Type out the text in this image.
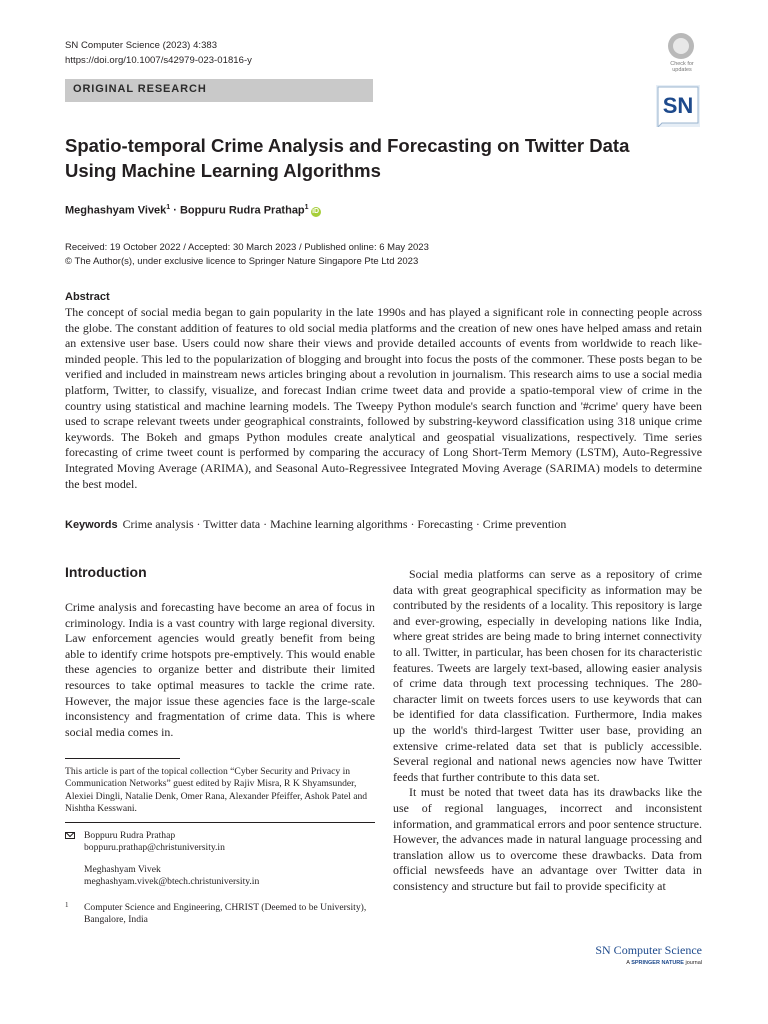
SN Computer Science (2023) 4:383
https://doi.org/10.1007/s42979-023-01816-y
ORIGINAL RESEARCH
Check for updates
SN
Spatio-temporal Crime Analysis and Forecasting on Twitter Data Using Machine Learning Algorithms
Meghashyam Vivek$^1$ · Boppuru Rudra Prathap$^1$iD
Received: 19 October 2022 / Accepted: 30 March 2023 / Published online: 6 May 2023
© The Author(s), under exclusive licence to Springer Nature Singapore Pte Ltd 2023
Abstract
The concept of social media began to gain popularity in the late 1990s and has played a significant role in connecting people across the globe. The constant addition of features to old social media platforms and the creation of new ones have helped amass and retain an extensive user base. Users could now share their views and provide detailed accounts of events from worldwide to reach like-minded people. This led to the popularization of blogging and brought into focus the posts of the commoner. These posts began to be verified and included in mainstream news articles bringing about a revolution in journalism. This research aims to use a social media platform, Twitter, to classify, visualize, and forecast Indian crime tweet data and provide a spatio-temporal view of crime in the country using statistical and machine learning models. The Tweepy Python module's search function and '#crime' query have been used to scrape relevant tweets under geographical constraints, followed by substring-keyword classification using 318 unique crime keywords. The Bokeh and gmaps Python modules create analytical and geospatial visualizations, respectively. Time series forecasting of crime tweet count is performed by comparing the accuracy of Long Short-Term Memory (LSTM), Auto-Regressive Integrated Moving Average (ARIMA), and Seasonal Auto-Regressivee Integrated Moving Average (SARIMA) models to determine the best model.
Keywords Crime analysis · Twitter data · Machine learning algorithms · Forecasting · Crime prevention
Introduction

Crime analysis and forecasting have become an area of focus in criminology. India is a vast country with large regional diversity. Law enforcement agencies would greatly benefit from being able to identify crime hotspots pre-emptively. This would enable these agencies to organize better and distribute their limited resources to take optimal measures to tackle the crime rate. However, the major issue these agencies face is the large-scale inconsistency and fragmentation of crime data. This is where social media comes in.

Social media platforms can serve as a repository of crime data with great geographical specificity as information may be contributed by the residents of a locality. This repository is large and ever-growing, especially in developing nations like India, where great strides are being made to bring internet connectivity to all. Twitter, in particular, has been chosen for its characteristic features. Tweets are largely text-based, allowing easier analysis of crime data through text processing techniques. The 280-character limit on tweets forces users to use keywords that can be identified for data classification. Furthermore, India makes up the world's third-largest Twitter user base, providing an extensive crime-related data set that is publicly accessible. Several regional and national news agencies now have Twitter feeds that further contribute to this data set.

It must be noted that tweet data has its drawbacks like the use of regional languages, incorrect and inconsistent information, and grammatical errors and poor sentence structure. However, the advances made in natural language processing and translation allow us to overcome these drawbacks. Data from official newsfeeds have an advantage over Twitter data in consistency and structure but fail to provide specificity at

This article is part of the topical collection “Cyber Security and Privacy in Communication Networks” guest edited by Rajiv Misra, R K Shyamsunder, Alexiei Dingli, Natalie Denk, Omer Rana, Alexander Pfeiffer, Ashok Patel and Nishtha Kesswani.
Boppuru Rudra Prathap
boppuru.prathap@christuniversity.in
Meghashyam Vivek
meghashyam.vivek@btech.christuniversity.in
1 Computer Science and Engineering, CHRIST (Deemed to be University), Bangalore, India
SN Computer Science
A SPRINGER NATURE journal
